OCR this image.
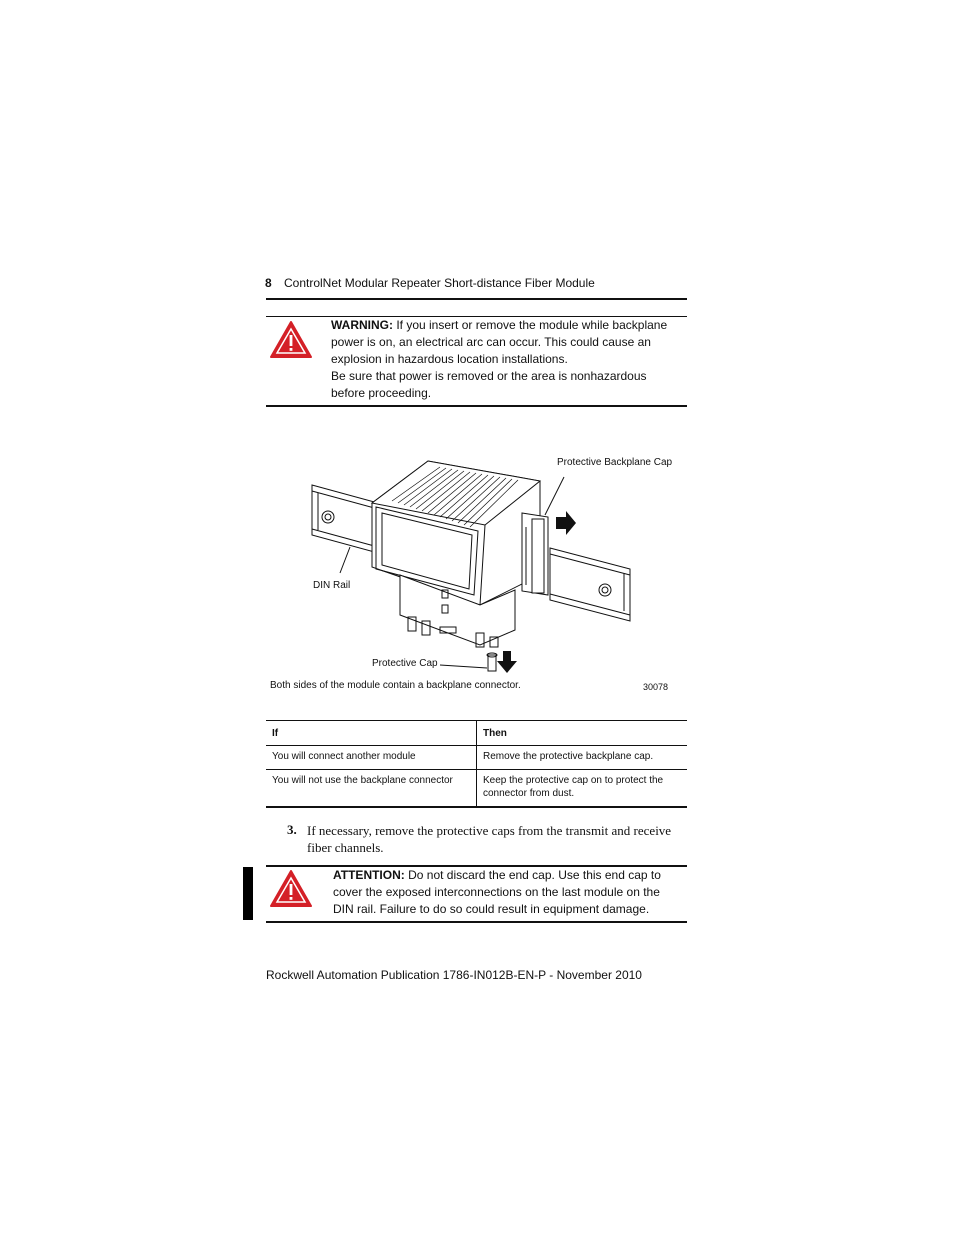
8 ControlNet Modular Repeater Short-distance Fiber Module
WARNING: If you insert or remove the module while backplane
power is on, an electrical arc can occur. This could cause an
explosion in hazardous location installations.
Be sure that power is removed or the area is nonhazardous
before proceeding.
Protective Backplane Cap
DIN Rail
Protective Cap
Both sides of the module contain a backplane connector.	30078
If	Then
You will connect another module	Remove the protective backplane cap.
You will not use the backplane connector	Keep the protective cap on to protect the connector from dust.
3. If necessary, remove the protective caps from the transmit and receive fiber channels.
ATTENTION: Do not discard the end cap. Use this end cap to
cover the exposed interconnections on the last module on the
DIN rail. Failure to do so could result in equipment damage.
Rockwell Automation Publication 1786-IN012B-EN-P - November 2010
